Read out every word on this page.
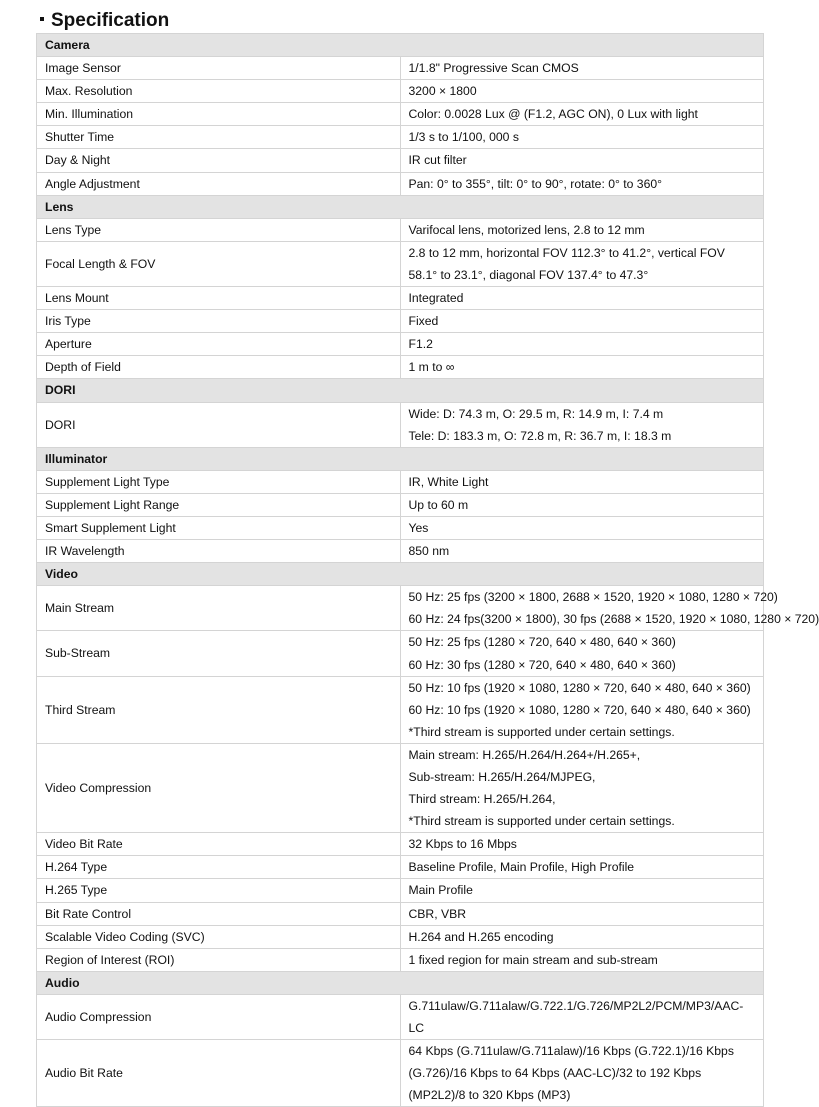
Specification
Camera	
Image Sensor	1/1.8" Progressive Scan CMOS
Max. Resolution	3200 × 1800
Min. Illumination	Color: 0.0028 Lux @ (F1.2, AGC ON), 0 Lux with light
Shutter Time	1/3 s to 1/100, 000 s
Day & Night	IR cut filter
Angle Adjustment	Pan: 0° to 355°, tilt: 0° to 90°, rotate: 0° to 360°
Lens	
Lens Type	Varifocal lens, motorized lens, 2.8 to 12 mm
Focal Length & FOV	2.8 to 12 mm, horizontal FOV 112.3° to 41.2°, vertical FOV 58.1° to 23.1°, diagonal FOV 137.4° to 47.3°
Lens Mount	Integrated
Iris Type	Fixed
Aperture	F1.2
Depth of Field	1 m to ∞
DORI	
DORI	Wide: D: 74.3 m, O: 29.5 m, R: 14.9 m, I: 7.4 m
Tele: D: 183.3 m, O: 72.8 m, R: 36.7 m, I: 18.3 m

Illuminator	
Supplement Light Type	IR, White Light
Supplement Light Range	Up to 60 m
Smart Supplement Light	Yes
IR Wavelength	850 nm
Video	
Main Stream	50 Hz: 25 fps (3200 × 1800, 2688 × 1520, 1920 × 1080, 1280 × 720)
60 Hz: 24 fps(3200 × 1800), 30 fps (2688 × 1520, 1920 × 1080, 1280 × 720)

Sub-Stream	50 Hz: 25 fps (1280 × 720, 640 × 480, 640 × 360)
60 Hz: 30 fps (1280 × 720, 640 × 480, 640 × 360)

Third Stream	50 Hz: 10 fps (1920 × 1080, 1280 × 720, 640 × 480, 640 × 360)
60 Hz: 10 fps (1920 × 1080, 1280 × 720, 640 × 480, 640 × 360)
*Third stream is supported under certain settings.

Video Compression	Main stream: H.265/H.264/H.264+/H.265+,
Sub-stream: H.265/H.264/MJPEG,
Third stream: H.265/H.264,
*Third stream is supported under certain settings.

Video Bit Rate	32 Kbps to 16 Mbps
H.264 Type	Baseline Profile, Main Profile, High Profile
H.265 Type	Main Profile
Bit Rate Control	CBR, VBR
Scalable Video Coding (SVC)	H.264 and H.265 encoding
Region of Interest (ROI)	1 fixed region for main stream and sub-stream
Audio	
Audio Compression	G.711ulaw/G.711alaw/G.722.1/G.726/MP2L2/PCM/MP3/AAC-LC
Audio Bit Rate	64 Kbps (G.711ulaw/G.711alaw)/16 Kbps (G.722.1)/16 Kbps (G.726)/16 Kbps to 64 Kbps (AAC-LC)/32 to 192 Kbps (MP2L2)/8 to 320 Kbps (MP3)
